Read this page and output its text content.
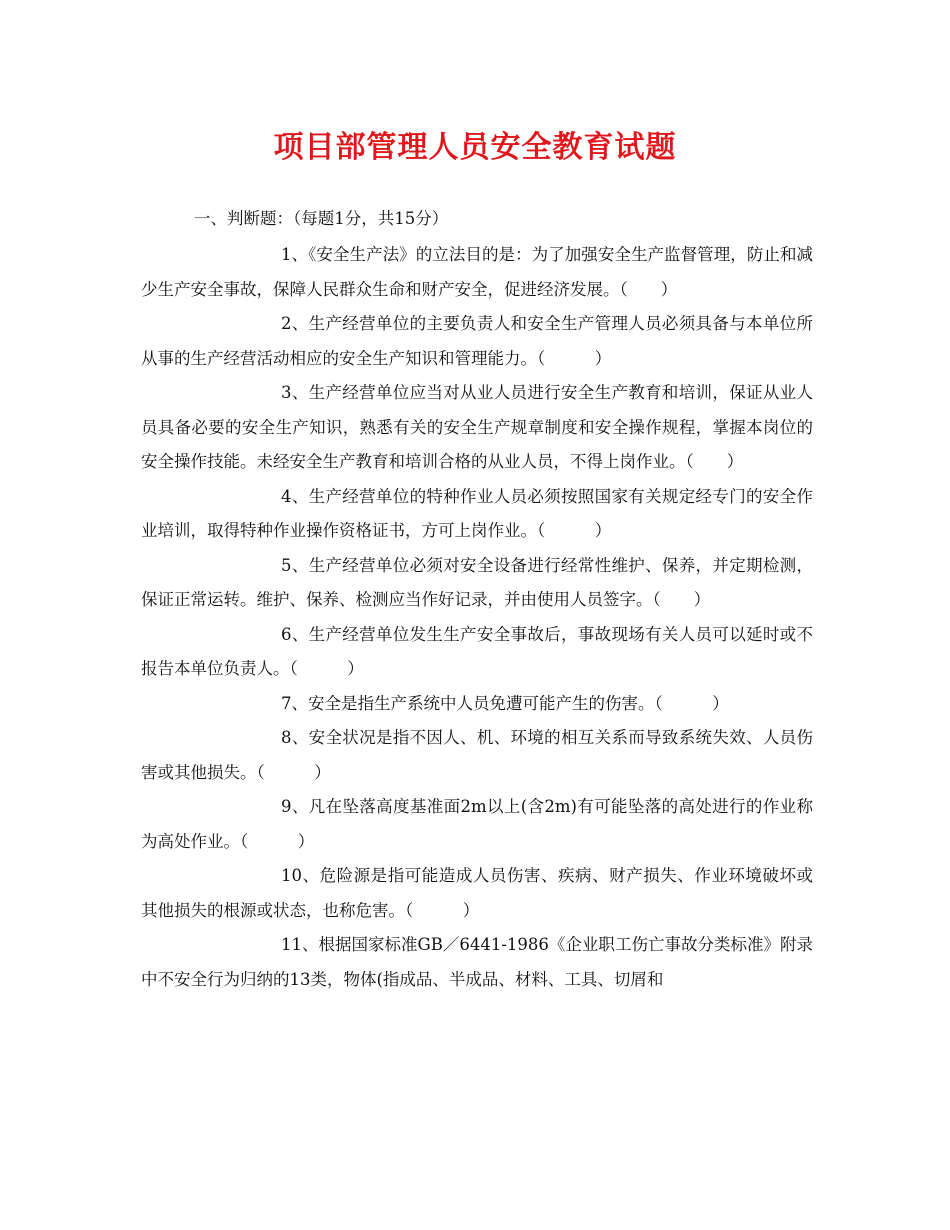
项目部管理人员安全教育试题

一、判断题：（每题1分，共15分）

1、《安全生产法》的立法目的是：为了加强安全生产监督管理，防止和减少生产安全事故，保障人民群众生命和财产安全，促进经济发展。（　　）

2、生产经营单位的主要负责人和安全生产管理人员必须具备与本单位所从事的生产经营活动相应的安全生产知识和管理能力。（　　　）

3、生产经营单位应当对从业人员进行安全生产教育和培训，保证从业人员具备必要的安全生产知识，熟悉有关的安全生产规章制度和安全操作规程，掌握本岗位的安全操作技能。未经安全生产教育和培训合格的从业人员，不得上岗作业。（　　）

4、生产经营单位的特种作业人员必须按照国家有关规定经专门的安全作业培训，取得特种作业操作资格证书，方可上岗作业。（　　　）

5、生产经营单位必须对安全设备进行经常性维护、保养，并定期检测，保证正常运转。维护、保养、检测应当作好记录，并由使用人员签字。（　　）

6、生产经营单位发生生产安全事故后，事故现场有关人员可以延时或不报告本单位负责人。（　　　）

7、安全是指生产系统中人员免遭可能产生的伤害。（　　　）

8、安全状况是指不因人、机、环境的相互关系而导致系统失效、人员伤害或其他损失。（　　　）

9、凡在坠落高度基准面2m以上(含2m)有可能坠落的高处进行的作业称为高处作业。（　　　）

10、危险源是指可能造成人员伤害、疾病、财产损失、作业环境破坏或其他损失的根源或状态，也称危害。（　　　）

11、根据国家标准GB／6441-1986《企业职工伤亡事故分类标准》附录中不安全行为归纳的13类，物体(指成品、半成品、材料、工具、切屑和
